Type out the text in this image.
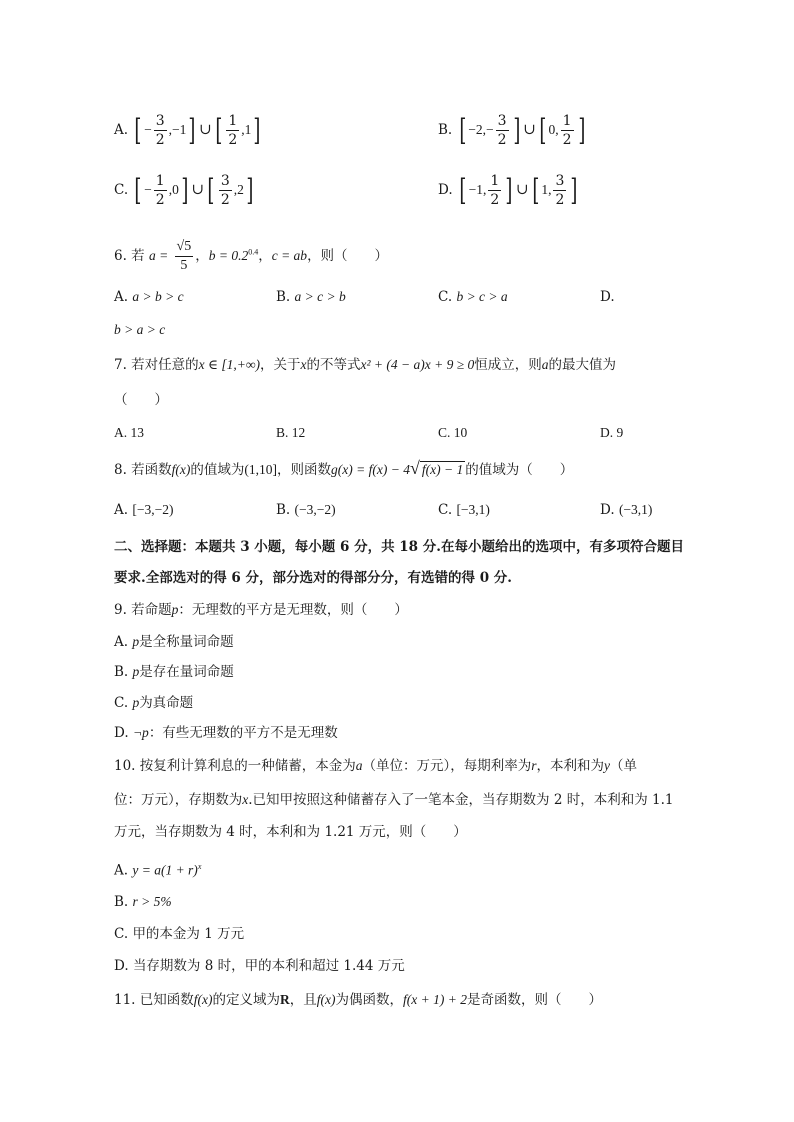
A. [ − $\frac{3}{2} ,-1$] ∪ [ $\frac{1}{2} ,1$]	B. [ $-2,- \frac{3}{2}$ ] ∪ [ 0, $\frac{1}{2}$ ]
C. [ − $\frac{1}{2} ,0$] ∪ [ $\frac{3}{2} ,2$]	D. [ −1, $\frac{1}{2}$ ] ∪ [ 1, $\frac{3}{2}$ ]
6. 若 $a = \frac{√5}{5}$ ，$b = 0.2^{0.4}$，c = ab，则（　　）
A. a > b > c	B. a > c > b	C. b > c > a	D.
b > a > c
7. 若对任意的x ∈ [1,+∞)，关于x的不等式x² + (4 − a)x + 9 ≥ 0恒成立，则a的最大值为
（　　）
A. 13	B. 12	C. 10	D. 9
8. 若函数f(x)的值域为(1,10]，则函数g(x) = f(x) − 4√ f(x) − 1 的值域为（　　）
A. [−3,−2)	B. (−3,−2)	C. [−3,1)	D. (−3,1)
二、选择题：本题共 3 小题，每小题 6 分，共 18 分.在每小题给出的选项中，有多项符合题目
要求.全部选对的得 6 分，部分选对的得部分分，有选错的得 0 分.
9. 若命题p：无理数的平方是无理数，则（　　）
A. p是全称量词命题
B. p是存在量词命题
C. p为真命题
D. ¬p：有些无理数的平方不是无理数
10. 按复利计算利息的一种储蓄，本金为a（单位：万元），每期利率为r，本利和为y（单
位：万元），存期数为x.已知甲按照这种储蓄存入了一笔本金，当存期数为 2 时，本利和为 1.1
万元，当存期数为 4 时，本利和为 1.21 万元，则（　　）
A. $y = a(1 + r)^x$
B. r > 5%
C. 甲的本金为 1 万元
D. 当存期数为 8 时，甲的本利和超过 1.44 万元
11. 已知函数f(x)的定义域为R，且f(x)为偶函数，f(x + 1) + 2是奇函数，则（　　）
